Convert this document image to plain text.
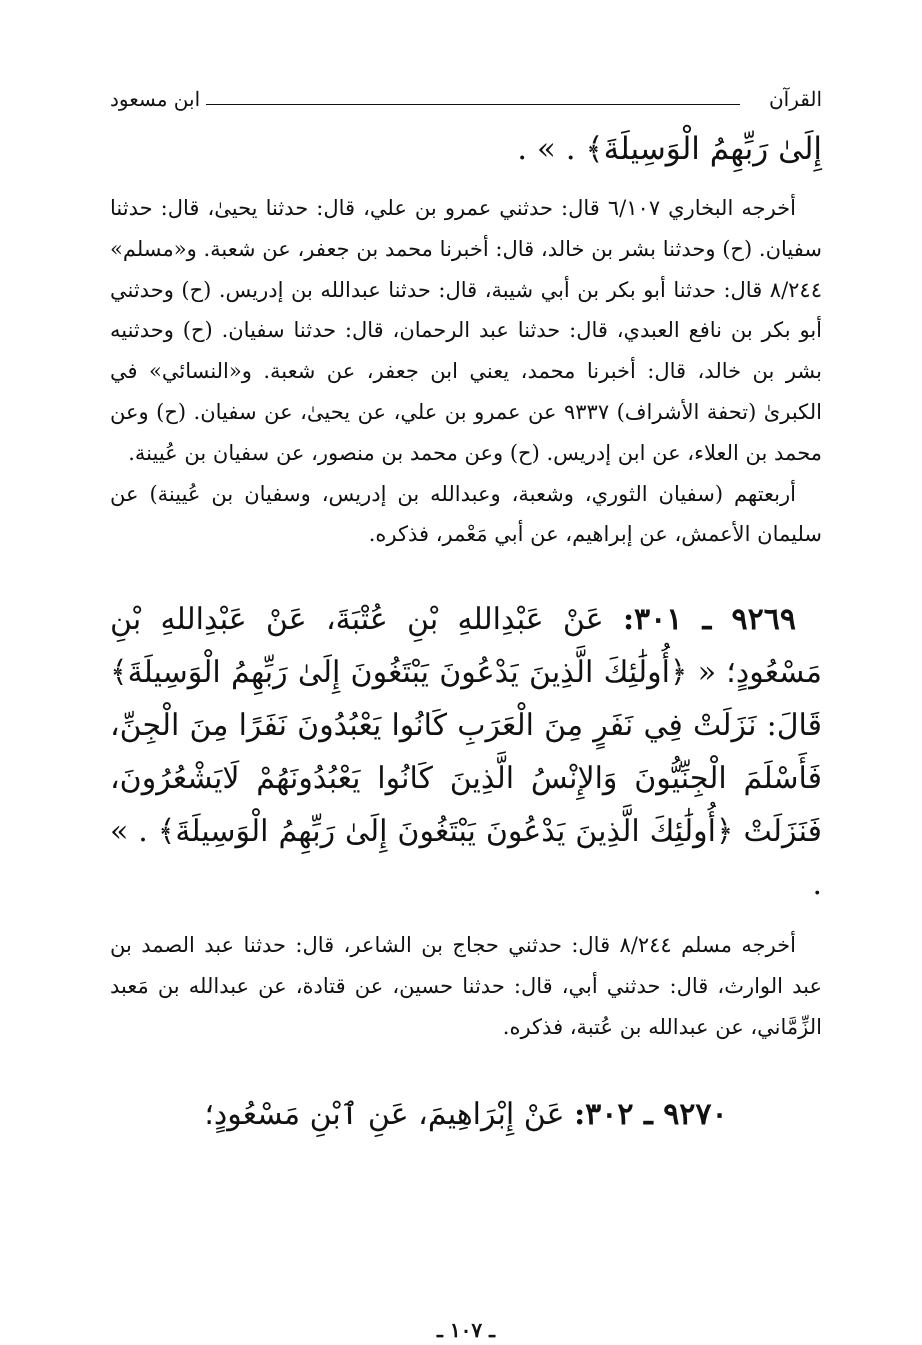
القرآن
ابن مسعود

إِلَىٰ رَبِّهِمُ الْوَسِيلَةَ﴾ . » .

أخرجه البخاري ٦/١٠٧ قال: حدثني عمرو بن علي، قال: حدثنا يحيىٰ، قال: حدثنا سفيان. (ح) وحدثنا بشر بن خالد، قال: أخبرنا محمد بن جعفر، عن شعبة. و«مسلم» ٨/٢٤٤ قال: حدثنا أبو بكر بن أبي شيبة، قال: حدثنا عبدالله بن إدريس. (ح) وحدثني أبو بكر بن نافع العبدي، قال: حدثنا عبد الرحمان، قال: حدثنا سفيان. (ح) وحدثنيه بشر بن خالد، قال: أخبرنا محمد، يعني ابن جعفر، عن شعبة. و«النسائي» في الكبرىٰ (تحفة الأشراف) ٩٣٣٧ عن عمرو بن علي، عن يحيىٰ، عن سفيان. (ح) وعن محمد بن العلاء، عن ابن إدريس. (ح) وعن محمد بن منصور، عن سفيان بن عُيينة.

أربعتهم (سفيان الثوري، وشعبة، وعبدالله بن إدريس، وسفيان بن عُيينة) عن سليمان الأعمش، عن إبراهيم، عن أبي مَعْمر، فذكره.

٩٢٦٩ ـ ٣٠١: عَنْ عَبْدِاللهِ بْنِ عُتْبَةَ، عَنْ عَبْدِاللهِ بْنِ مَسْعُودٍ؛ « ﴿أُولَٰئِكَ الَّذِينَ يَدْعُونَ يَبْتَغُونَ إِلَىٰ رَبِّهِمُ الْوَسِيلَةَ﴾ قَالَ: نَزَلَتْ فِي نَفَرٍ مِنَ الْعَرَبِ كَانُوا يَعْبُدُونَ نَفَرًا مِنَ الْجِنِّ، فَأَسْلَمَ الْجِنِّيُّونَ وَالإِنْسُ الَّذِينَ كَانُوا يَعْبُدُونَهُمْ لَايَشْعُرُونَ، فَنَزَلَتْ ﴿أُولَٰئِكَ الَّذِينَ يَدْعُونَ يَبْتَغُونَ إِلَىٰ رَبِّهِمُ الْوَسِيلَةَ﴾ . » .

أخرجه مسلم ٨/٢٤٤ قال: حدثني حجاج بن الشاعر، قال: حدثنا عبد الصمد بن عبد الوارث، قال: حدثني أبي، قال: حدثنا حسين، عن قتادة، عن عبدالله بن مَعبد الزِّمَّاني، عن عبدالله بن عُتبة، فذكره.

٩٢٧٠ ـ ٣٠٢: عَنْ إِبْرَاهِيمَ، عَنِ ٱبْنِ مَسْعُودٍ؛

ـ ١٠٧ ـ
